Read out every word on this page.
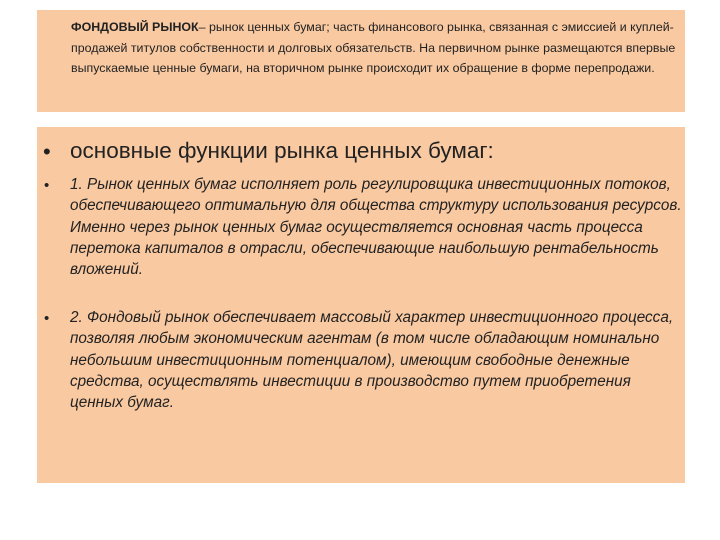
ФОНДОВЫЙ РЫНОК– рынок ценных бумаг; часть финансового рынка, связанная с эмиссией и куплей-продажей титулов собственности и долговых обязательств. На первичном рынке размещаются впервые выпускаемые ценные бумаги, на вторичном рынке происходит их обращение в форме перепродажи.
• основные функции рынка ценных бумаг:
• 1. Рынок ценных бумаг исполняет роль регулировщика инвестиционных потоков, обеспечивающего оптимальную для общества структуру использования ресурсов. Именно через рынок ценных бумаг осуществляется основная часть процесса перетока капиталов в отрасли, обеспечивающие наибольшую рентабельность вложений.
• 2. Фондовый рынок обеспечивает массовый характер инвестиционного процесса, позволяя любым экономическим агентам (в том числе обладающим номинально небольшим инвестиционным потенциалом), имеющим свободные денежные средства, осуществлять инвестиции в производство путем приобретения ценных бумаг.
